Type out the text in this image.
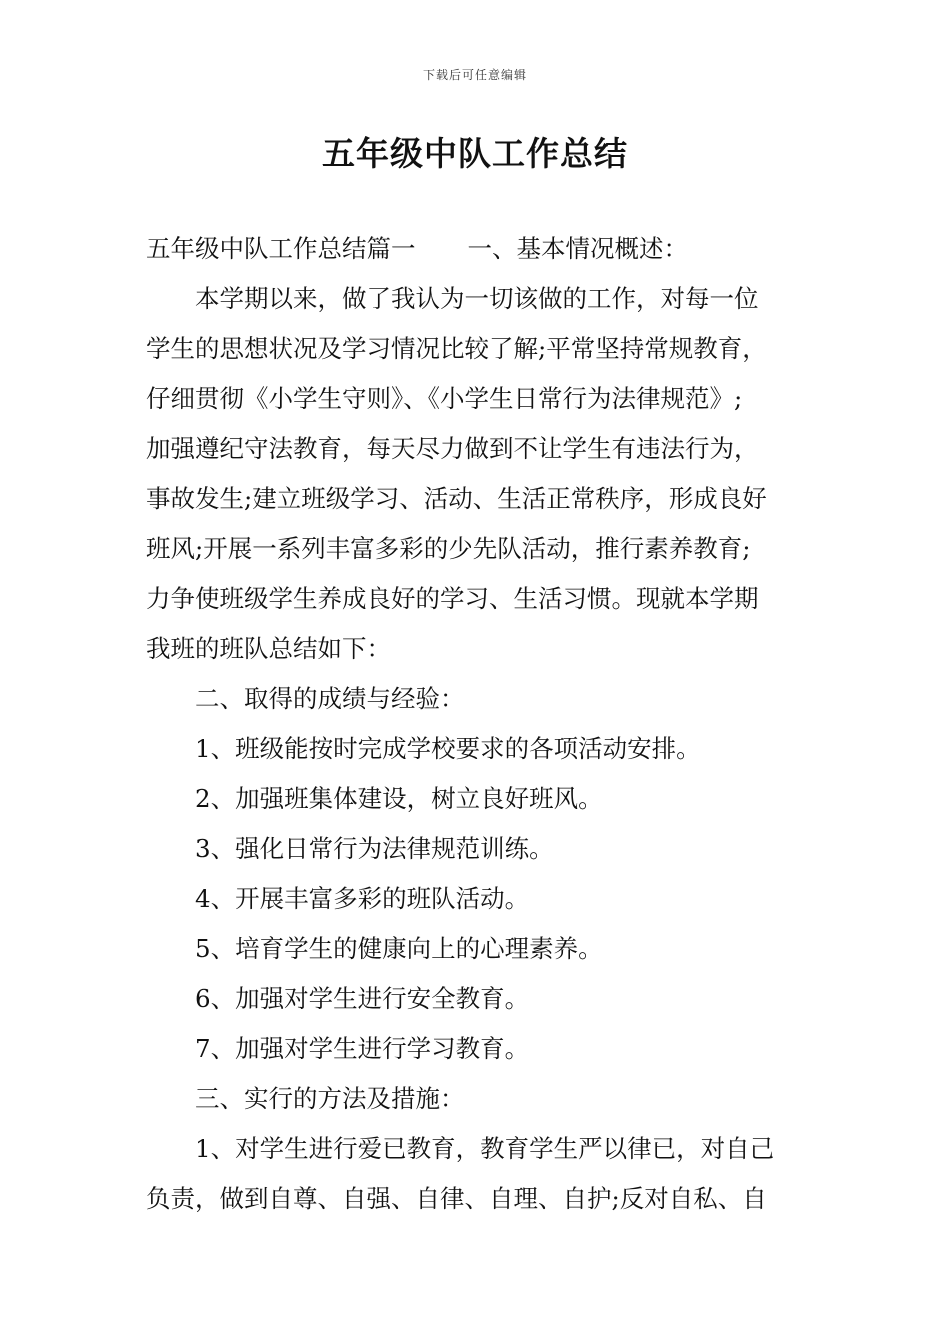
下载后可任意编辑
五年级中队工作总结
五年级中队工作总结篇一 一、基本情况概述：
本学期以来，做了我认为一切该做的工作，对每一位
学生的思想状况及学习情况比较了解;平常坚持常规教育，
仔细贯彻《小学生守则》、《小学生日常行为法律规范》;
加强遵纪守法教育，每天尽力做到不让学生有违法行为，
事故发生;建立班级学习、活动、生活正常秩序，形成良好
班风;开展一系列丰富多彩的少先队活动，推行素养教育;
力争使班级学生养成良好的学习、生活习惯。现就本学期
我班的班队总结如下：
二、取得的成绩与经验：
1、班级能按时完成学校要求的各项活动安排。
2、加强班集体建设，树立良好班风。
3、强化日常行为法律规范训练。
4、开展丰富多彩的班队活动。
5、培育学生的健康向上的心理素养。
6、加强对学生进行安全教育。
7、加强对学生进行学习教育。
三、实行的方法及措施：
1、对学生进行爱已教育，教育学生严以律已，对自己
负责，做到自尊、自强、自律、自理、自护;反对自私、自
